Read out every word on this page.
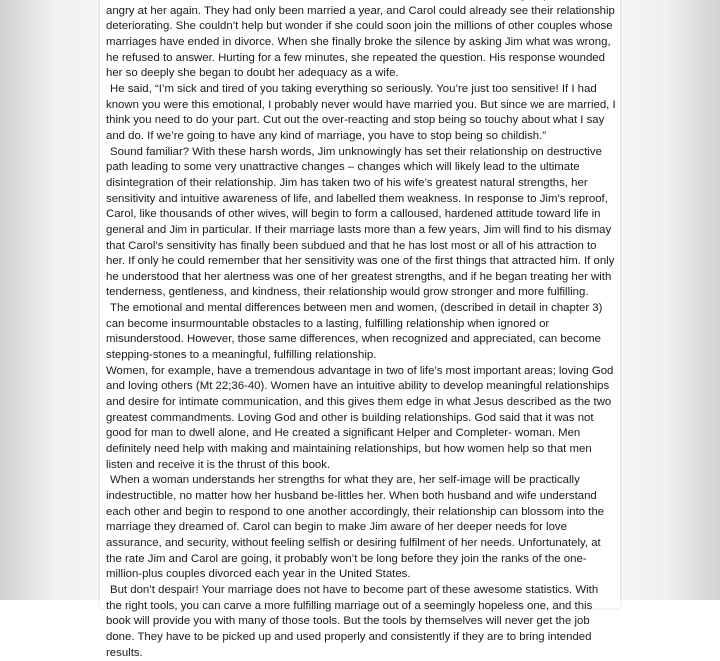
angry at her again. They had only been married a year, and Carol could already see their relationship deteriorating. She couldn’t help but wonder if she could soon join the millions of other couples whose marriages have ended in divorce. When she finally broke the silence by asking Jim what was wrong, he refused to answer. Hurting for a few minutes, she repeated the question. His response wounded her so deeply she began to doubt her adequacy as a wife.

He said, “I’m sick and tired of you taking everything so seriously. You’re just too sensitive! If I had known you were this emotional, I probably never would have married you. But since we are married, I think you need to do your part. Cut out the over-reacting and stop being so touchy about what I say and do. If we’re going to have any kind of marriage, you have to stop being so childish.”

Sound familiar? With these harsh words, Jim unknowingly has set their relationship on destructive path leading to some very unattractive changes – changes which will likely lead to the ultimate disintegration of their relationship. Jim has taken two of his wife’s greatest natural strengths, her sensitivity and intuitive awareness of life, and labelled them weakness. In response to Jim’s reproof, Carol, like thousands of other wives, will begin to form a calloused, hardened attitude toward life in general and Jim in particular. If their marriage lasts more than a few years, Jim will find to his dismay that Carol’s sensitivity has finally been subdued and that he has lost most or all of his attraction to her. If only he could remember that her sensitivity was one of the first things that attracted him. If only he understood that her alertness was one of her greatest strengths, and if he began treating her with tenderness, gentleness, and kindness, their relationship would grow stronger and more fulfilling.

The emotional and mental differences between men and women, (described in detail in chapter 3) can become insurmountable obstacles to a lasting, fulfilling relationship when ignored or misunderstood. However, those same differences, when recognized and appreciated, can become stepping-stones to a meaningful, fulfilling relationship.

Women, for example, have a tremendous advantage in two of life’s most important areas; loving God and loving others (Mt 22;36-40). Women have an intuitive ability to develop meaningful relationships and desire for intimate communication, and this gives them edge in what Jesus described as the two greatest commandments. Loving God and other is building relationships. God said that it was not good for man to dwell alone, and He created a significant Helper and Completer- woman. Men definitely need help with making and maintaining relationships, but how women help so that men listen and receive it is the thrust of this book.

When a woman understands her strengths for what they are, her self-image will be practically indestructible, no matter how her husband be-littles her. When both husband and wife understand each other and begin to respond to one another accordingly, their relationship can blossom into the marriage they dreamed of. Carol can begin to make Jim aware of her deeper needs for love assurance, and security, without feeling selfish or desiring fulfilment of her needs. Unfortunately, at the rate Jim and Carol are going, it probably won’t be long before they join the ranks of the one-million-plus couples divorced each year in the United States.

But don’t despair! Your marriage does not have to become part of these awesome statistics. With the right tools, you can carve a more fulfilling marriage out of a seemingly hopeless one, and this book will provide you with many of those tools. But the tools by themselves will never get the job done. They have to be picked up and used properly and consistently if they are to bring intended results.
